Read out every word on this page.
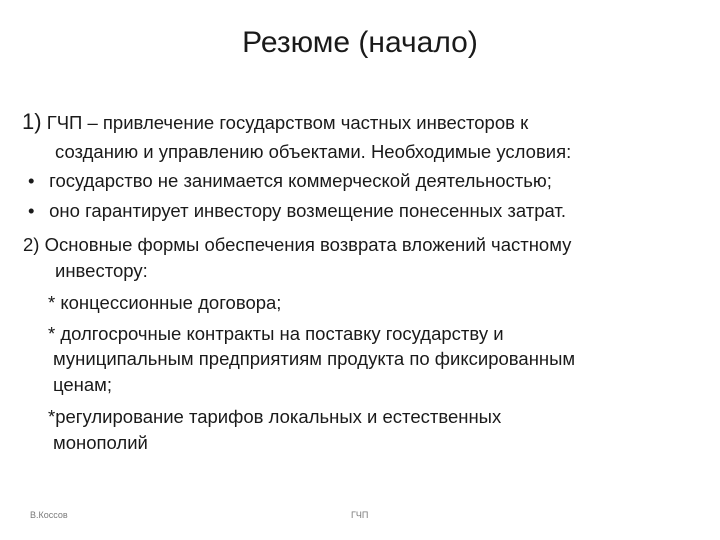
Резюме (начало)
1) ГЧП – привлечение государством частных инвесторов к
созданию и управлению объектами. Необходимые условия:
• государство не занимается коммерческой деятельностью;
• оно гарантирует инвестору возмещение понесенных затрат.
2) Основные формы обеспечения возврата вложений частному
инвестору:
* концессионные договора;
* долгосрочные контракты на поставку государству и
муниципальным предприятиям продукта по фиксированным
ценам;
*регулирование тарифов локальных и естественных
монополий
В.Коссов	ГЧП
